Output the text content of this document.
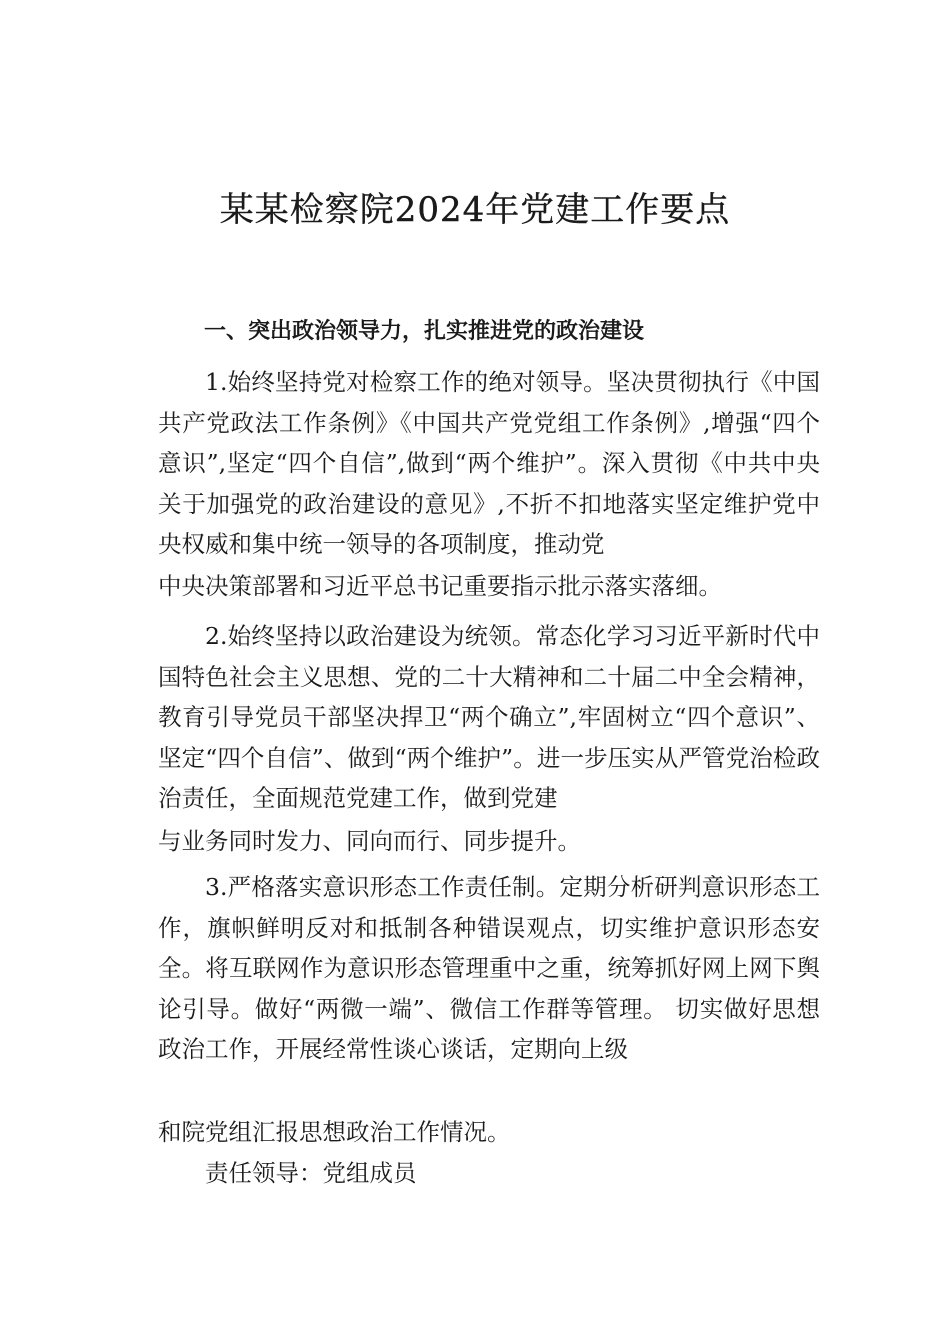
某某检察院2024年党建工作要点
一、突出政治领导力，扎实推进党的政治建设

1.始终坚持党对检察工作的绝对领导。坚决贯彻执行《中国共产党政法工作条例》《中国共产党党组工作条例》,增强“四个意识”,坚定“四个自信”,做到“两个维护”。深入贯彻《中共中央关于加强党的政治建设的意见》,不折不扣地落实坚定维护党中央权威和集中统一领导的各项制度，推动党

中央决策部署和习近平总书记重要指示批示落实落细。

2.始终坚持以政治建设为统领。常态化学习习近平新时代中国特色社会主义思想、党的二十大精神和二十届二中全会精神，教育引导党员干部坚决捍卫“两个确立”,牢固树立“四个意识”、坚定“四个自信”、做到“两个维护”。进一步压实从严管党治检政治责任，全面规范党建工作，做到党建

与业务同时发力、同向而行、同步提升。

3.严格落实意识形态工作责任制。定期分析研判意识形态工作，旗帜鲜明反对和抵制各种错误观点，切实维护意识形态安全。将互联网作为意识形态管理重中之重，统筹抓好网上网下舆论引导。做好“两微一端”、微信工作群等管理。 切实做好思想政治工作，开展经常性谈心谈话，定期向上级

和院党组汇报思想政治工作情况。

责任领导：党组成员
